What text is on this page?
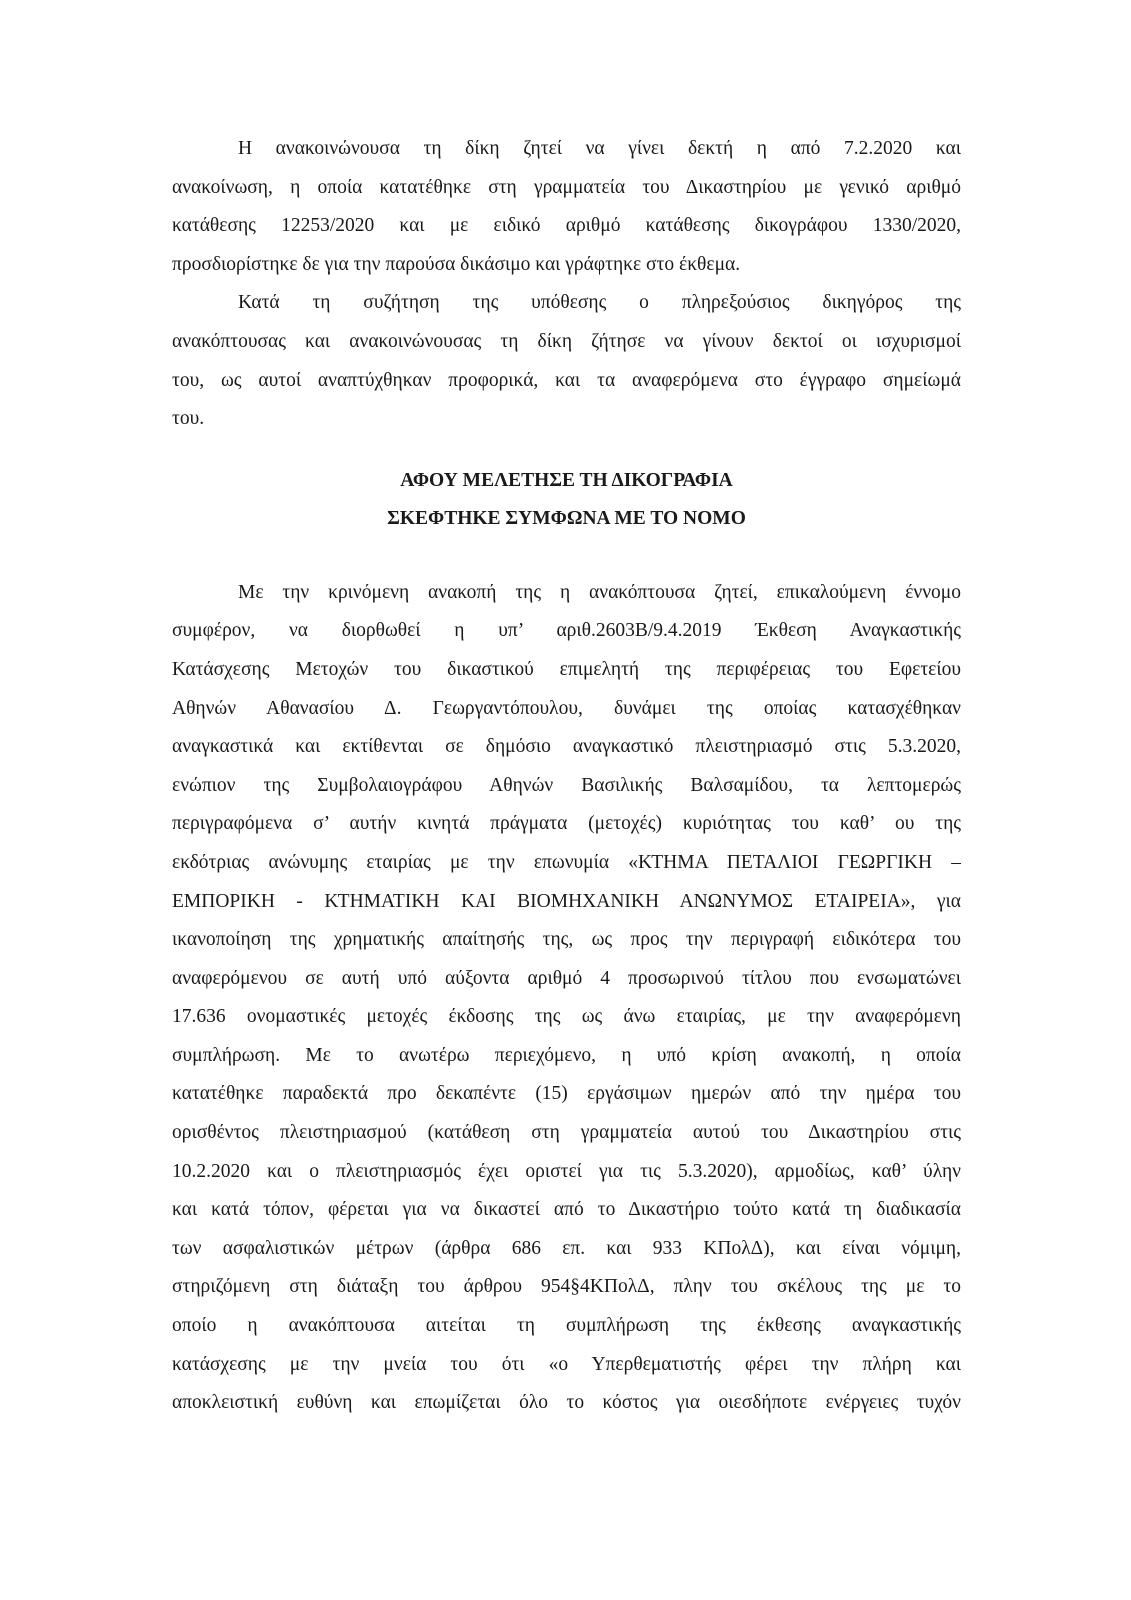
Η ανακοινώνουσα τη δίκη ζητεί να γίνει δεκτή η από 7.2.2020 και
ανακοίνωση, η οποία κατατέθηκε στη γραμματεία του Δικαστηρίου με γενικό αριθμό
κατάθεσης 12253/2020 και με ειδικό αριθμό κατάθεσης δικογράφου 1330/2020,
προσδιορίστηκε δε για την παρούσα δικάσιμο και γράφτηκε στο έκθεμα.
Κατά τη συζήτηση της υπόθεσης ο πληρεξούσιος δικηγόρος της
ανακόπτουσας και ανακοινώνουσας τη δίκη ζήτησε να γίνουν δεκτοί οι ισχυρισμοί
του, ως αυτοί αναπτύχθηκαν προφορικά, και τα αναφερόμενα στο έγγραφο σημείωμά
του.
ΑΦΟΥ ΜΕΛΕΤΗΣΕ ΤΗ ΔΙΚΟΓΡΑΦΙΑ
ΣΚΕΦΤΗΚΕ ΣΥΜΦΩΝΑ ΜΕ ΤΟ ΝΟΜΟ
Με την κρινόμενη ανακοπή της η ανακόπτουσα ζητεί, επικαλούμενη έννομο
συμφέρον, να διορθωθεί η υπ’ αριθ.2603Β/9.4.2019 Έκθεση Αναγκαστικής
Κατάσχεσης Μετοχών του δικαστικού επιμελητή της περιφέρειας του Εφετείου
Αθηνών Αθανασίου Δ. Γεωργαντόπουλου, δυνάμει της οποίας κατασχέθηκαν
αναγκαστικά και εκτίθενται σε δημόσιο αναγκαστικό πλειστηριασμό στις 5.3.2020,
ενώπιον της Συμβολαιογράφου Αθηνών Βασιλικής Βαλσαμίδου, τα λεπτομερώς
περιγραφόμενα σ’ αυτήν κινητά πράγματα (μετοχές) κυριότητας του καθ’ ου της
εκδότριας ανώνυμης εταιρίας με την επωνυμία «ΚΤΗΜΑ ΠΕΤΑΛΙΟΙ ΓΕΩΡΓΙΚΗ –
ΕΜΠΟΡΙΚΗ - ΚΤΗΜΑΤΙΚΗ ΚΑΙ ΒΙΟΜΗΧΑΝΙΚΗ ΑΝΩΝΥΜΟΣ ΕΤΑΙΡΕΙΑ», για
ικανοποίηση της χρηματικής απαίτησής της, ως προς την περιγραφή ειδικότερα του
αναφερόμενου σε αυτή υπό αύξοντα αριθμό 4 προσωρινού τίτλου που ενσωματώνει
17.636 ονομαστικές μετοχές έκδοσης της ως άνω εταιρίας, με την αναφερόμενη
συμπλήρωση. Με το ανωτέρω περιεχόμενο, η υπό κρίση ανακοπή, η οποία
κατατέθηκε παραδεκτά προ δεκαπέντε (15) εργάσιμων ημερών από την ημέρα του
ορισθέντος πλειστηριασμού (κατάθεση στη γραμματεία αυτού του Δικαστηρίου στις
10.2.2020 και ο πλειστηριασμός έχει οριστεί για τις 5.3.2020), αρμοδίως, καθ’ ύλην
και κατά τόπον, φέρεται για να δικαστεί από το Δικαστήριο τούτο κατά τη διαδικασία
των ασφαλιστικών μέτρων (άρθρα 686 επ. και 933 ΚΠολΔ), και είναι νόμιμη,
στηριζόμενη στη διάταξη του άρθρου 954§4ΚΠολΔ, πλην του σκέλους της με το
οποίο η ανακόπτουσα αιτείται τη συμπλήρωση της έκθεσης αναγκαστικής
κατάσχεσης με την μνεία του ότι «ο Υπερθεματιστής φέρει την πλήρη και
αποκλειστική ευθύνη και επωμίζεται όλο το κόστος για οιεσδήποτε ενέργειες τυχόν
